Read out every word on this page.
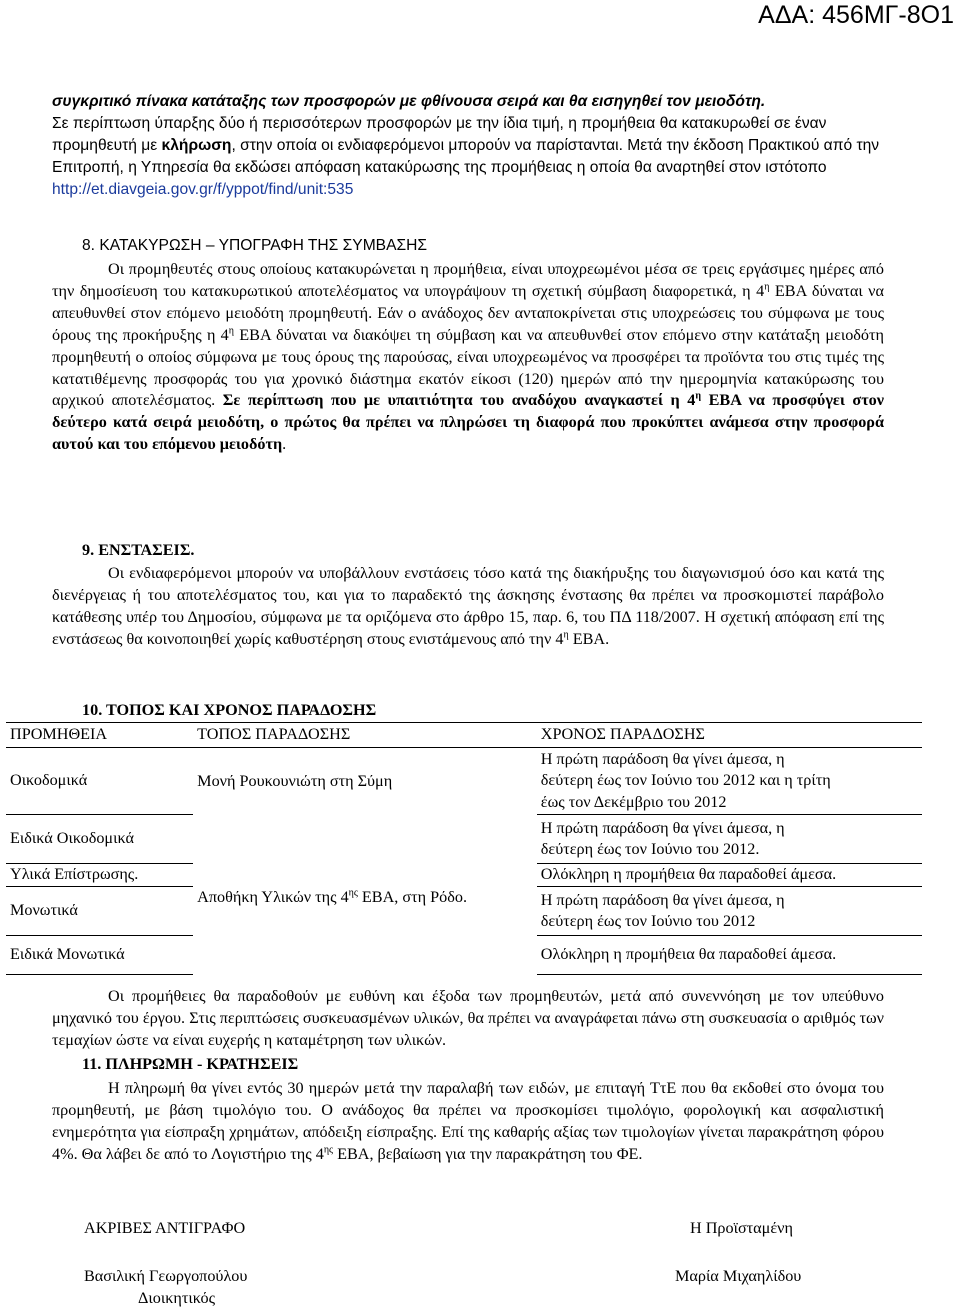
ΑΔΑ: 456ΜΓ-8Ο1

συγκριτικό πίνακα κατάταξης των προσφορών με φθίνουσα σειρά και θα εισηγηθεί τον μειοδότη.

Σε περίπτωση ύπαρξης δύο ή περισσότερων προσφορών με την ίδια τιμή, η προμήθεια θα κατακυρωθεί σε έναν προμηθευτή με κλήρωση, στην οποία οι ενδιαφερόμενοι μπορούν να παρίστανται. Μετά την έκδοση Πρακτικού από την Επιτροπή, η Υπηρεσία θα εκδώσει απόφαση κατακύρωσης της προμήθειας η οποία θα αναρτηθεί στον ιστότοπο http://et.diavgeia.gov.gr/f/yppot/find/unit:535

8. ΚΑΤΑΚΥΡΩΣΗ – ΥΠΟΓΡΑΦΗ ΤΗΣ ΣΥΜΒΑΣΗΣ

Οι προμηθευτές στους οποίους κατακυρώνεται η προμήθεια, είναι υποχρεωμένοι μέσα σε τρεις εργάσιμες ημέρες από την δημοσίευση του κατακυρωτικού αποτελέσματος να υπογράψουν τη σχετική σύμβαση διαφορετικά, η $4^\eta$ ΕΒΑ δύναται να απευθυνθεί στον επόμενο μειοδότη προμηθευτή. Εάν ο ανάδοχος δεν ανταποκρίνεται στις υποχρεώσεις του σύμφωνα με τους όρους της προκήρυξης η $4^\eta$ ΕΒΑ δύναται να διακόψει τη σύμβαση και να απευθυνθεί στον επόμενο στην κατάταξη μειοδότη προμηθευτή ο οποίος σύμφωνα με τους όρους της παρούσας, είναι υποχρεωμένος να προσφέρει τα προϊόντα του στις τιμές της κατατιθέμενης προσφοράς του για χρονικό διάστημα εκατόν είκοσι (120) ημερών από την ημερομηνία κατακύρωσης του αρχικού αποτελέσματος. Σε περίπτωση που με υπαιτιότητα του αναδόχου αναγκαστεί η $4^\eta$ ΕΒΑ να προσφύγει στον δεύτερο κατά σειρά μειοδότη, ο πρώτος θα πρέπει να πληρώσει τη διαφορά που προκύπτει ανάμεσα στην προσφορά αυτού και του επόμενου μειοδότη.

9. ΕΝΣΤΑΣΕΙΣ.

Οι ενδιαφερόμενοι μπορούν να υποβάλλουν ενστάσεις τόσο κατά της διακήρυξης του διαγωνισμού όσο και κατά της διενέργειας ή του αποτελέσματος του, και για το παραδεκτό της άσκησης ένστασης θα πρέπει να προσκομιστεί παράβολο κατάθεσης υπέρ του Δημοσίου, σύμφωνα με τα οριζόμενα στο άρθρο 15, παρ. 6, του ΠΔ 118/2007. Η σχετική απόφαση επί της ενστάσεως θα κοινοποιηθεί χωρίς καθυστέρηση στους ενιστάμενους από την $4^\eta$ ΕΒΑ.

10. ΤΟΠΟΣ ΚΑΙ ΧΡΟΝΟΣ ΠΑΡΑΔΟΣΗΣ
ΠΡΟΜΗΘΕΙΑ	ΤΟΠΟΣ ΠΑΡΑΔΟΣΗΣ	ΧΡΟΝΟΣ ΠΑΡΑΔΟΣΗΣ
Οικοδομικά	Μονή Ρουκουνιώτη στη Σύμη	Η πρώτη παράδοση θα γίνει άμεσα, η
δεύτερη έως τον Ιούνιο του 2012 και η τρίτη
έως τον Δεκέμβριο του 2012

Ειδικά Οικοδομικά	Αποθήκη Υλικών της $4^{\eta\varsigma}$ ΕΒΑ, στη Ρόδο.	Η πρώτη παράδοση θα γίνει άμεσα, η
δεύτερη έως τον Ιούνιο του 2012.

Υλικά Επίστρωσης.		Ολόκληρη η προμήθεια θα παραδοθεί άμεσα.
Μονωτικά		Η πρώτη παράδοση θα γίνει άμεσα, η
δεύτερη έως τον Ιούνιο του 2012

Ειδικά Μονωτικά		Ολόκληρη η προμήθεια θα παραδοθεί άμεσα.

Οι προμήθειες θα παραδοθούν με ευθύνη και έξοδα των προμηθευτών, μετά από συνεννόηση με τον υπεύθυνο μηχανικό του έργου. Στις περιπτώσεις συσκευασμένων υλικών, θα πρέπει να αναγράφεται πάνω στη συσκευασία ο αριθμός των τεμαχίων ώστε να είναι ευχερής η καταμέτρηση των υλικών.

11. ΠΛΗΡΩΜΗ - ΚΡΑΤΗΣΕΙΣ

Η πληρωμή θα γίνει εντός 30 ημερών μετά την παραλαβή των ειδών, με επιταγή ΤτΕ που θα εκδοθεί στο όνομα του προμηθευτή, με βάση τιμολόγιο του. Ο ανάδοχος θα πρέπει να προσκομίσει τιμολόγιο, φορολογική και ασφαλιστική ενημερότητα για είσπραξη χρημάτων, απόδειξη είσπραξης. Επί της καθαρής αξίας των τιμολογίων γίνεται παρακράτηση φόρου 4%. Θα λάβει δε από το Λογιστήριο της $4^{\eta\varsigma}$ ΕΒΑ, βεβαίωση για την παρακράτηση του ΦΕ.

ΑΚΡΙΒΕΣ ΑΝΤΙΓΡΑΦΟ
Βασιλική Γεωργοπούλου
Διοικητικός
Η Προϊσταμένη
Μαρία Μιχαηλίδου
